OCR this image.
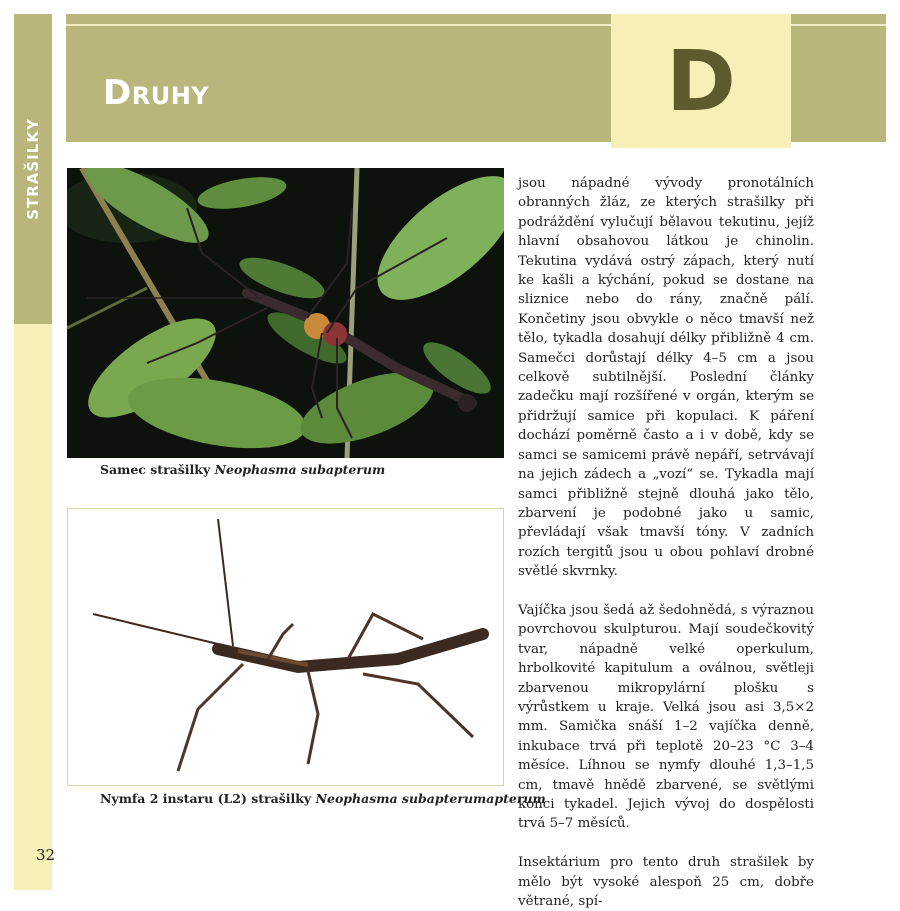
STRAŠILKY
Druhy	D
Samec strašilky Neophasma subapterum
Nymfa 2 instaru (L2) strašilky Neophasma subapterumapterum

jsou nápadné vývody pronotálních obranných žláz, ze kterých strašilky při podráždění vylučují bělavou tekutinu, jejíž hlavní obsahovou látkou je chinolin. Tekutina vydává ostrý zápach, který nutí ke kašli a kýchání, pokud se dostane na sliznice nebo do rány, značně pálí. Končetiny jsou obvykle o něco tmavší než tělo, tykadla dosahují délky přibližně 4 cm. Samečci dorůstají délky 4–5 cm a jsou celkově subtilnější. Poslední články zadečku mají rozšířené v orgán, kterým se přidržují samice při kopulaci. K páření dochází poměrně často a i v době, kdy se samci se samicemi právě nepáří, setrvávají na jejich zádech a „vozí“ se. Tykadla mají samci přibližně stejně dlouhá jako tělo, zbarvení je podobné jako u samic, převládají však tmavší tóny. V zadních rozích tergitů jsou u obou pohlaví drobné světlé skvrnky.

Vajíčka jsou šedá až šedohnědá, s výraznou povrchovou skulpturou. Mají soudečkovitý tvar, nápadně velké operkulum, hrbolkovité kapitulum a oválnou, světleji zbarvenou mikropylární plošku s výrůstkem u kraje. Velká jsou asi 3,5×2 mm. Samička snáší 1–2 vajíčka denně, inkubace trvá při teplotě 20–23 °C 3–4 měsíce. Líhnou se nymfy dlouhé 1,3–1,5 cm, tmavě hnědě zbarvené, se světlými konci tykadel. Jejich vývoj do dospělosti trvá 5–7 měsíců.

Insektárium pro tento druh strašilek by mělo být vysoké alespoň 25 cm, dobře větrané, spí-

32
